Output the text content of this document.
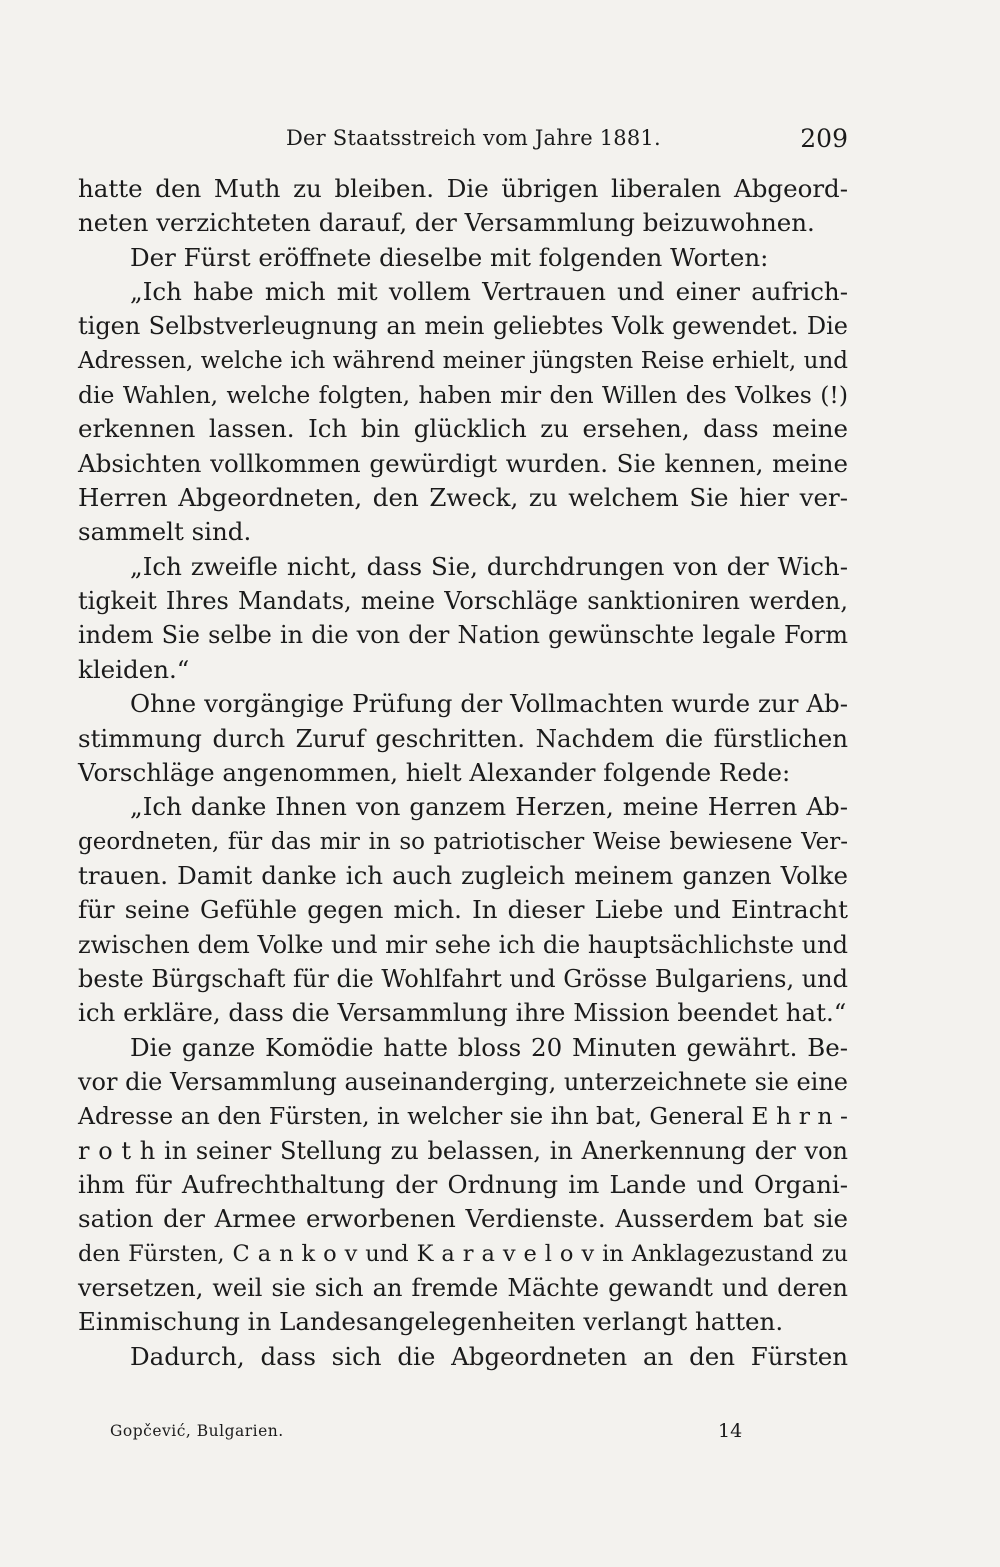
Der Staatsstreich vom Jahre 1881.	209
hatte den Muth zu bleiben. Die übrigen liberalen Abgeord-
neten verzichteten darauf, der Versammlung beizuwohnen.
Der Fürst eröffnete dieselbe mit folgenden Worten:
„Ich habe mich mit vollem Vertrauen und einer aufrich-
tigen Selbstverleugnung an mein geliebtes Volk gewendet. Die
Adressen, welche ich während meiner jüngsten Reise erhielt, und
die Wahlen, welche folgten, haben mir den Willen des Volkes (!)
erkennen lassen. Ich bin glücklich zu ersehen, dass meine
Absichten vollkommen gewürdigt wurden. Sie kennen, meine
Herren Abgeordneten, den Zweck, zu welchem Sie hier ver-
sammelt sind.
„Ich zweifle nicht, dass Sie, durchdrungen von der Wich-
tigkeit Ihres Mandats, meine Vorschläge sanktioniren werden,
indem Sie selbe in die von der Nation gewünschte legale Form
kleiden.“
Ohne vorgängige Prüfung der Vollmachten wurde zur Ab-
stimmung durch Zuruf geschritten. Nachdem die fürstlichen
Vorschläge angenommen, hielt Alexander folgende Rede:
„Ich danke Ihnen von ganzem Herzen, meine Herren Ab-
geordneten, für das mir in so patriotischer Weise bewiesene Ver-
trauen. Damit danke ich auch zugleich meinem ganzen Volke
für seine Gefühle gegen mich. In dieser Liebe und Eintracht
zwischen dem Volke und mir sehe ich die hauptsächlichste und
beste Bürgschaft für die Wohlfahrt und Grösse Bulgariens, und
ich erkläre, dass die Versammlung ihre Mission beendet hat.“
Die ganze Komödie hatte bloss 20 Minuten gewährt. Be-
vor die Versammlung auseinanderging, unterzeichnete sie eine
Adresse an den Fürsten, in welcher sie ihn bat, General E h r n -
r o t h in seiner Stellung zu belassen, in Anerkennung der von
ihm für Aufrechthaltung der Ordnung im Lande und Organi-
sation der Armee erworbenen Verdienste. Ausserdem bat sie
den Fürsten, C a n k o v und K a r a v e l o v in Anklagezustand zu
versetzen, weil sie sich an fremde Mächte gewandt und deren
Einmischung in Landesangelegenheiten verlangt hatten.
Dadurch, dass sich die Abgeordneten an den Fürsten
Gopčević, Bulgarien.	14
